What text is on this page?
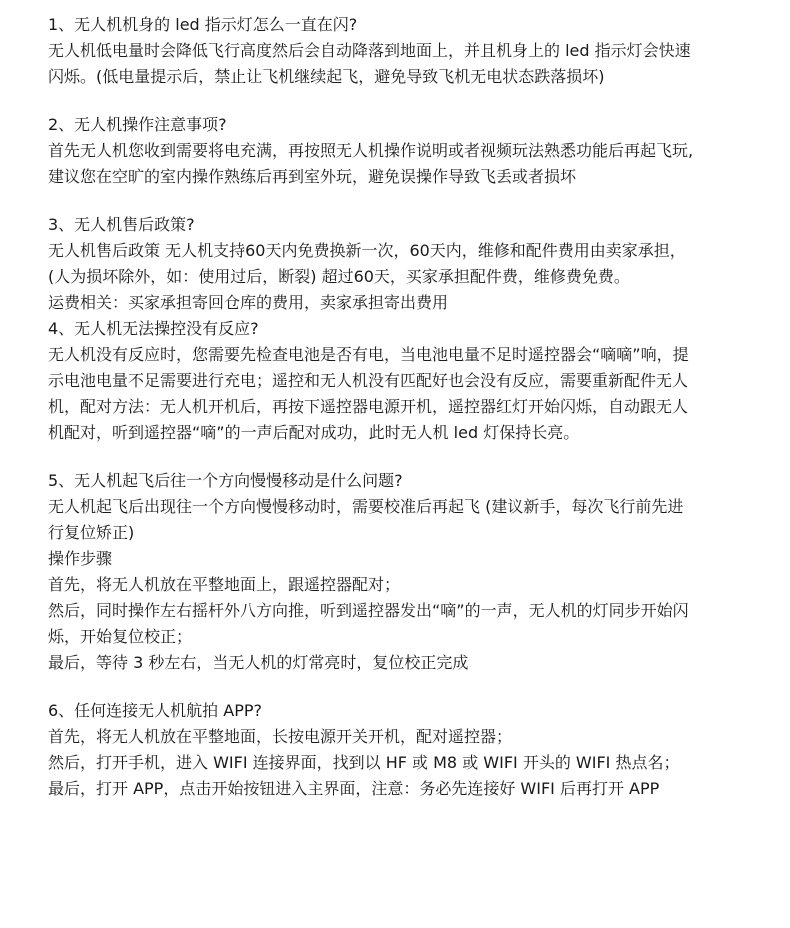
1、无人机机身的 led 指示灯怎么一直在闪?
无人机低电量时会降低飞行高度然后会自动降落到地面上，并且机身上的 led 指示灯会快速
闪烁。(低电量提示后，禁止让飞机继续起飞，避免导致飞机无电状态跌落损坏)
2、无人机操作注意事项?
首先无人机您收到需要将电充满，再按照无人机操作说明或者视频玩法熟悉功能后再起飞玩,
建议您在空旷的室内操作熟练后再到室外玩，避免误操作导致飞丢或者损坏
3、无人机售后政策?
无人机售后政策 无人机支持60天内免费换新一次，60天内，维修和配件费用由卖家承担，
(人为损坏除外，如：使用过后，断裂) 超过60天，买家承担配件费，维修费免费。
运费相关：买家承担寄回仓库的费用，卖家承担寄出费用
4、无人机无法操控没有反应?
无人机没有反应时，您需要先检查电池是否有电，当电池电量不足时遥控器会“嘀嘀”响，提
示电池电量不足需要进行充电；遥控和无人机没有匹配好也会没有反应，需要重新配件无人
机，配对方法：无人机开机后，再按下遥控器电源开机，遥控器红灯开始闪烁，自动跟无人
机配对，听到遥控器“嘀”的一声后配对成功，此时无人机 led 灯保持长亮。
5、无人机起飞后往一个方向慢慢移动是什么问题?
无人机起飞后出现往一个方向慢慢移动时，需要校准后再起飞 (建议新手，每次飞行前先进
行复位矫正)
操作步骤
首先，将无人机放在平整地面上，跟遥控器配对；
然后，同时操作左右摇杆外八方向推，听到遥控器发出“嘀”的一声，无人机的灯同步开始闪
烁，开始复位校正；
最后，等待 3 秒左右，当无人机的灯常亮时，复位校正完成
6、任何连接无人机航拍 APP?
首先，将无人机放在平整地面，长按电源开关开机，配对遥控器；
然后，打开手机，进入 WIFI 连接界面，找到以 HF 或 M8 或 WIFI 开头的 WIFI 热点名；
最后，打开 APP，点击开始按钮进入主界面，注意：务必先连接好 WIFI 后再打开 APP
